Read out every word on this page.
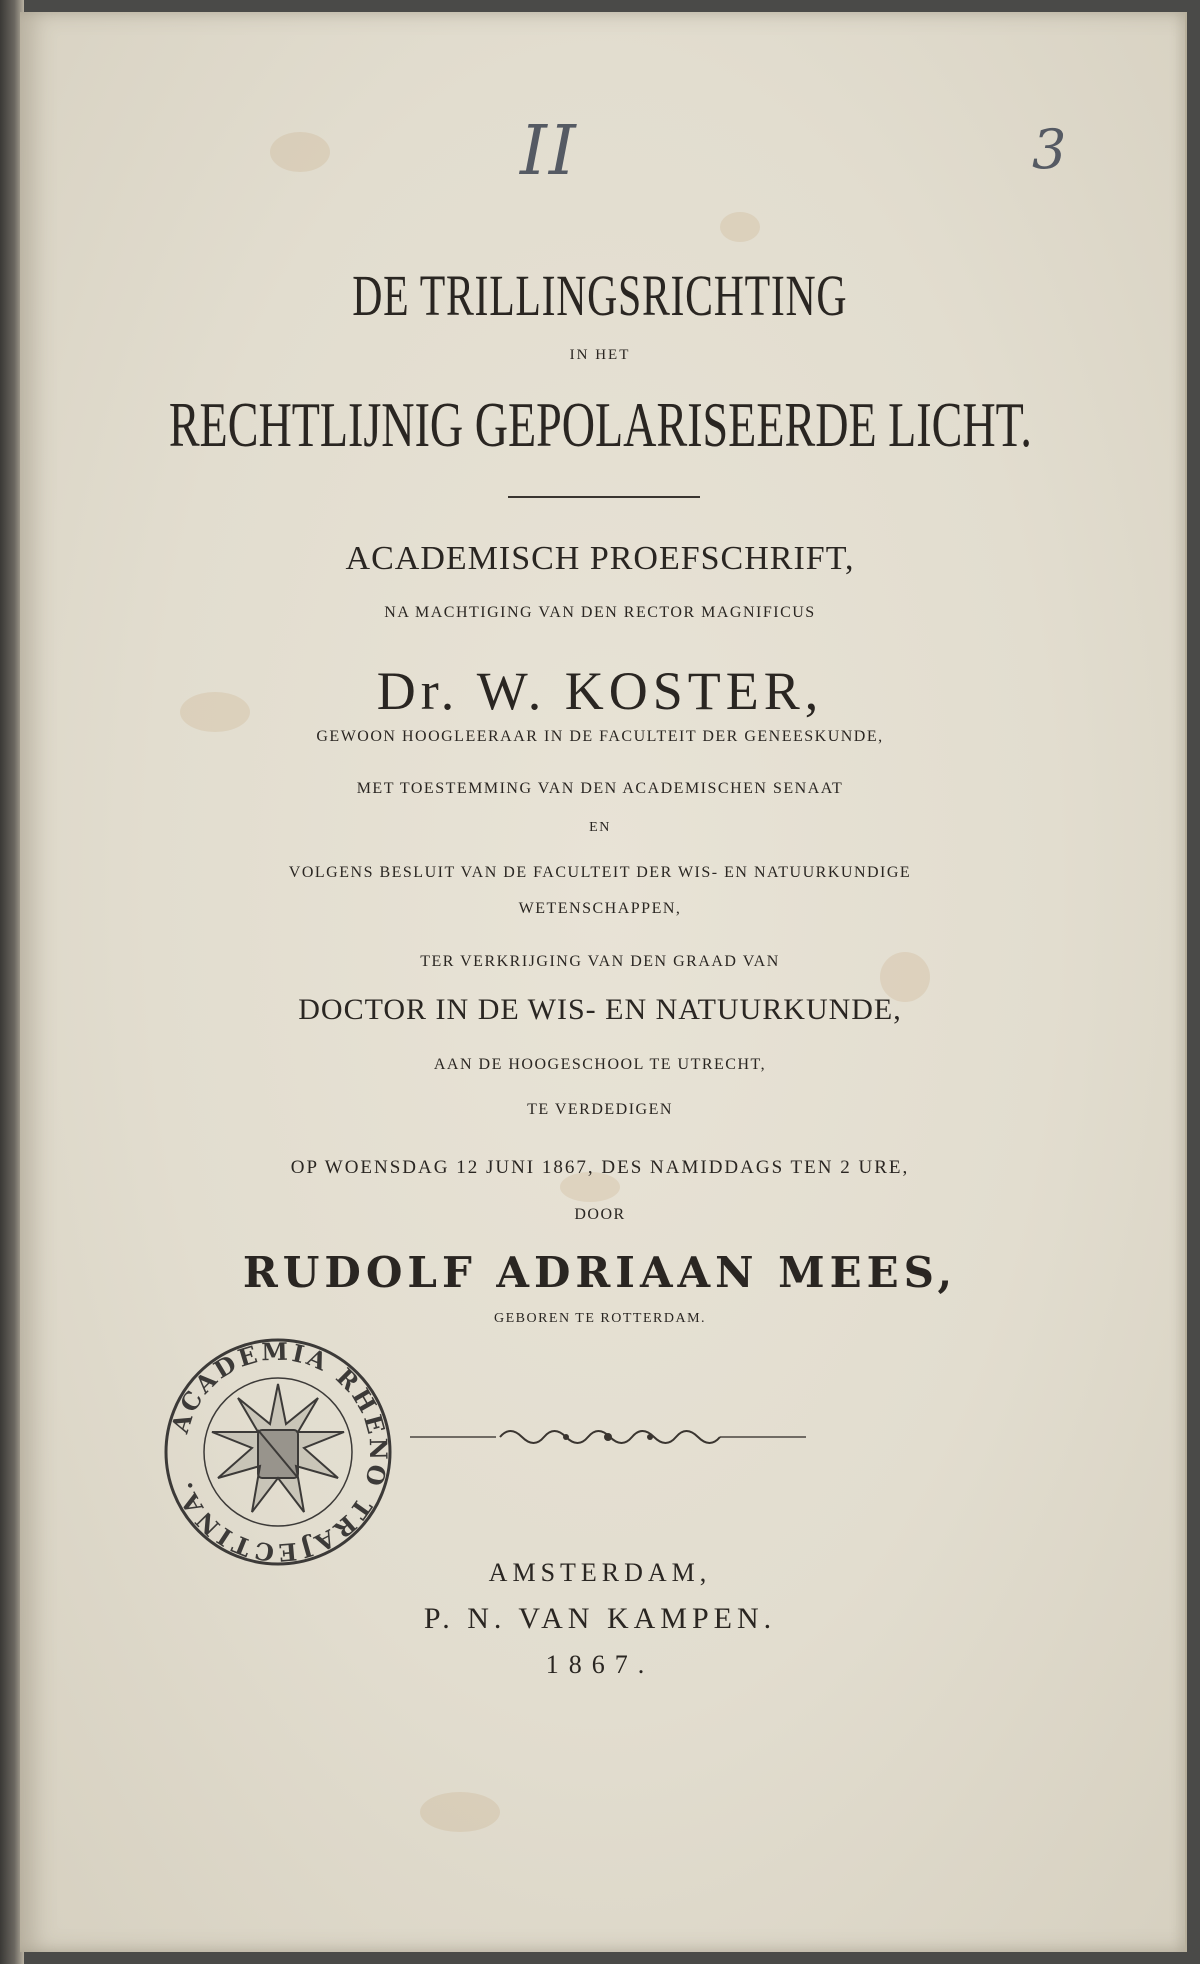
II	3
DE TRILLINGSRICHTING
IN HET
RECHTLIJNIG GEPOLARISEERDE LICHT.
ACADEMISCH PROEFSCHRIFT,
NA MACHTIGING VAN DEN RECTOR MAGNIFICUS
Dr. W. KOSTER,
GEWOON HOOGLEERAAR IN DE FACULTEIT DER GENEESKUNDE,
MET TOESTEMMING VAN DEN ACADEMISCHEN SENAAT
EN
VOLGENS BESLUIT VAN DE FACULTEIT DER WIS- EN NATUURKUNDIGE
WETENSCHAPPEN,
TER VERKRIJGING VAN DEN GRAAD VAN
DOCTOR IN DE WIS- EN NATUURKUNDE,
AAN DE HOOGESCHOOL TE UTRECHT,
TE VERDEDIGEN
OP WOENSDAG 12 JUNI 1867, DES NAMIDDAGS TEN 2 URE,
DOOR
RUDOLF ADRIAAN MEES,
GEBOREN TE ROTTERDAM.
ACADEMIA RHENO TRAJECTINA.
AMSTERDAM,
P. N. VAN KAMPEN.
1867.
